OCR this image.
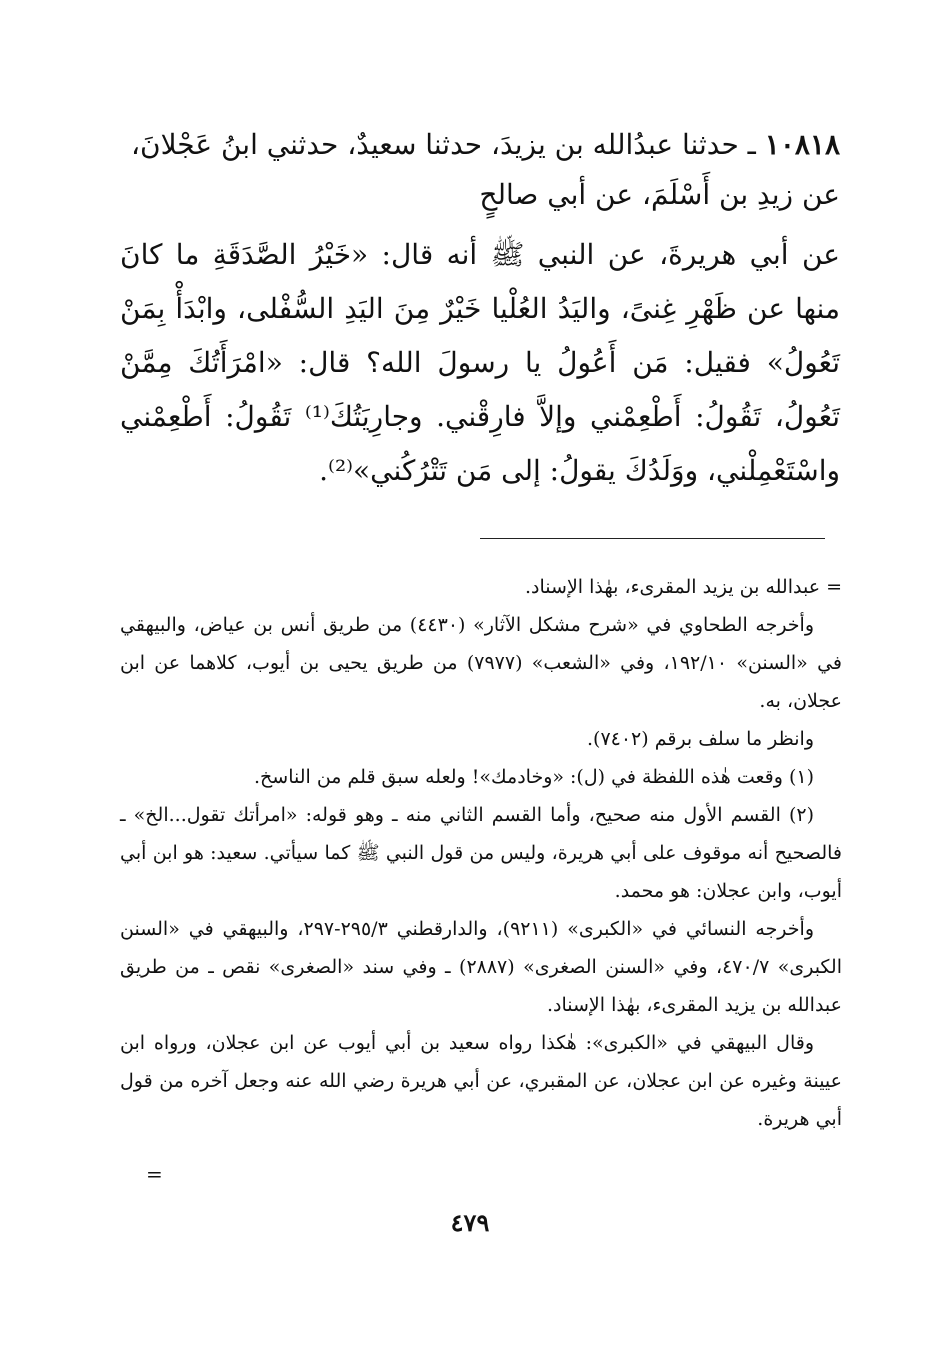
١٠٨١٨ ـ حدثنا عبدُالله بن يزيدَ، حدثنا سعيدٌ، حدثني ابنُ عَجْلانَ،

عن زيدِ بن أَسْلَمَ، عن أبي صالحٍ

عن أبي هريرةَ، عن النبي ﷺ أنه قال: «خَيْرُ الصَّدَقَةِ ما كانَ منها عن ظَهْرِ غِنىً، واليَدُ العُلْيا خَيْرٌ مِنَ اليَدِ السُّفْلى، وابْدَأْ بِمَنْ تَعُولُ» فقيل: مَن أَعُولُ يا رسولَ الله؟ قال: «امْرَأَتُكَ مِمَّنْ تَعُولُ، تَقُولُ: أَطْعِمْني وإلاَّ فارِقْني. وجارِيَتُكَ⁽¹⁾ تَقُولُ: أَطْعِمْني واسْتَعْمِلْني، ووَلَدُكَ يقولُ: إلى مَن تَتْرُكُني»⁽²⁾.

= عبدالله بن يزيد المقرىء، بهٰذا الإسناد.

وأخرجه الطحاوي في «شرح مشكل الآثار» (٤٤٣٠) من طريق أنس بن عياض، والبيهقي في «السنن» ١٩٢/١٠، وفي «الشعب» (٧٩٧٧) من طريق يحيى بن أيوب، كلاهما عن ابن عجلان، به.

وانظر ما سلف برقم (٧٤٠٢).

(١) وقعت هٰذه اللفظة في (ل): «وخادمك»! ولعله سبق قلم من الناسخ.

(٢) القسم الأول منه صحيح، وأما القسم الثاني منه ـ وهو قوله: «امرأتك تقول...الخ» ـ فالصحيح أنه موقوف على أبي هريرة، وليس من قول النبي ﷺ كما سيأتي. سعيد: هو ابن أبي أيوب، وابن عجلان: هو محمد.

وأخرجه النسائي في «الكبرى» (٩٢١١)، والدارقطني ٢٩٥/٣-٢٩٧، والبيهقي في «السنن الكبرى» ٤٧٠/٧، وفي «السنن الصغرى» (٢٨٨٧) ـ وفي سند «الصغرى» نقص ـ من طريق عبدالله بن يزيد المقرىء، بهٰذا الإسناد.

وقال البيهقي في «الكبرى»: هٰكذا رواه سعيد بن أبي أيوب عن ابن عجلان، ورواه ابن عيينة وغيره عن ابن عجلان، عن المقبري، عن أبي هريرة رضي الله عنه وجعل آخره من قول أبي هريرة.

=
٤٧٩
